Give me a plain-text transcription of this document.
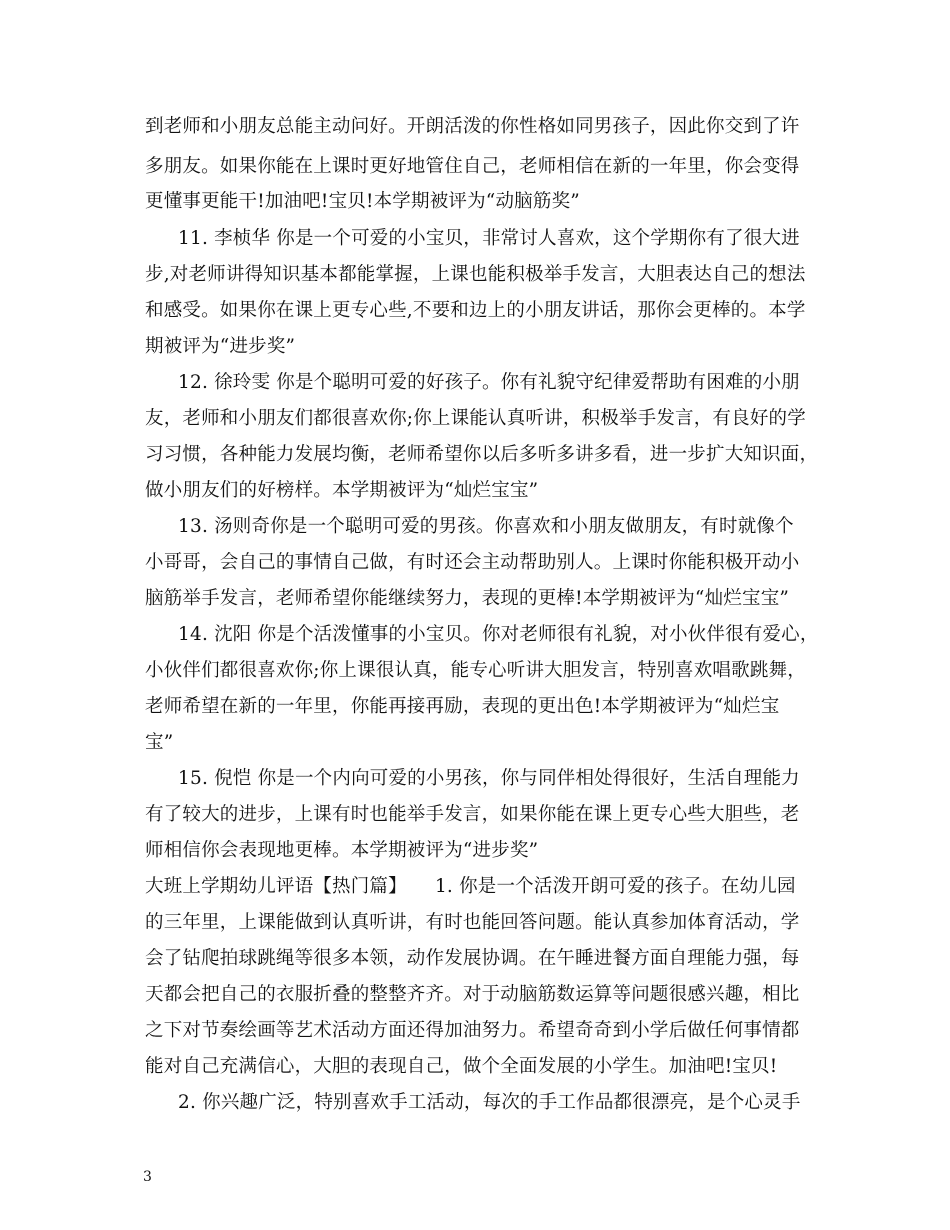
到老师和小朋友总能主动问好。开朗活泼的你性格如同男孩子，因此你交到了许
多朋友。如果你能在上课时更好地管住自己，老师相信在新的一年里，你会变得
更懂事更能干!加油吧!宝贝!本学期被评为“动脑筋奖”
11. 李桢华 你是一个可爱的小宝贝，非常讨人喜欢，这个学期你有了很大进
步,对老师讲得知识基本都能掌握，上课也能积极举手发言，大胆表达自己的想法
和感受。如果你在课上更专心些,不要和边上的小朋友讲话，那你会更棒的。本学
期被评为“进步奖”
12. 徐玲雯 你是个聪明可爱的好孩子。你有礼貌守纪律爱帮助有困难的小朋
友，老师和小朋友们都很喜欢你;你上课能认真听讲，积极举手发言，有良好的学
习习惯，各种能力发展均衡，老师希望你以后多听多讲多看，进一步扩大知识面，
做小朋友们的好榜样。本学期被评为“灿烂宝宝”
13. 汤则奇你是一个聪明可爱的男孩。你喜欢和小朋友做朋友，有时就像个
小哥哥，会自己的事情自己做，有时还会主动帮助别人。上课时你能积极开动小
脑筋举手发言，老师希望你能继续努力，表现的更棒!本学期被评为“灿烂宝宝”
14. 沈阳 你是个活泼懂事的小宝贝。你对老师很有礼貌，对小伙伴很有爱心，
小伙伴们都很喜欢你;你上课很认真，能专心听讲大胆发言，特别喜欢唱歌跳舞，
老师希望在新的一年里，你能再接再励，表现的更出色!本学期被评为“灿烂宝
宝”
15. 倪恺 你是一个内向可爱的小男孩，你与同伴相处得很好，生活自理能力
有了较大的进步，上课有时也能举手发言，如果你能在课上更专心些大胆些，老
师相信你会表现地更棒。本学期被评为“进步奖”
大班上学期幼儿评语【热门篇】　　1. 你是一个活泼开朗可爱的孩子。在幼儿园
的三年里，上课能做到认真听讲，有时也能回答问题。能认真参加体育活动，学
会了钻爬拍球跳绳等很多本领，动作发展协调。在午睡进餐方面自理能力强，每
天都会把自己的衣服折叠的整整齐齐。对于动脑筋数运算等问题很感兴趣，相比
之下对节奏绘画等艺术活动方面还得加油努力。希望奇奇到小学后做任何事情都
能对自己充满信心，大胆的表现自己，做个全面发展的小学生。加油吧!宝贝!
2. 你兴趣广泛，特别喜欢手工活动，每次的手工作品都很漂亮，是个心灵手
3
